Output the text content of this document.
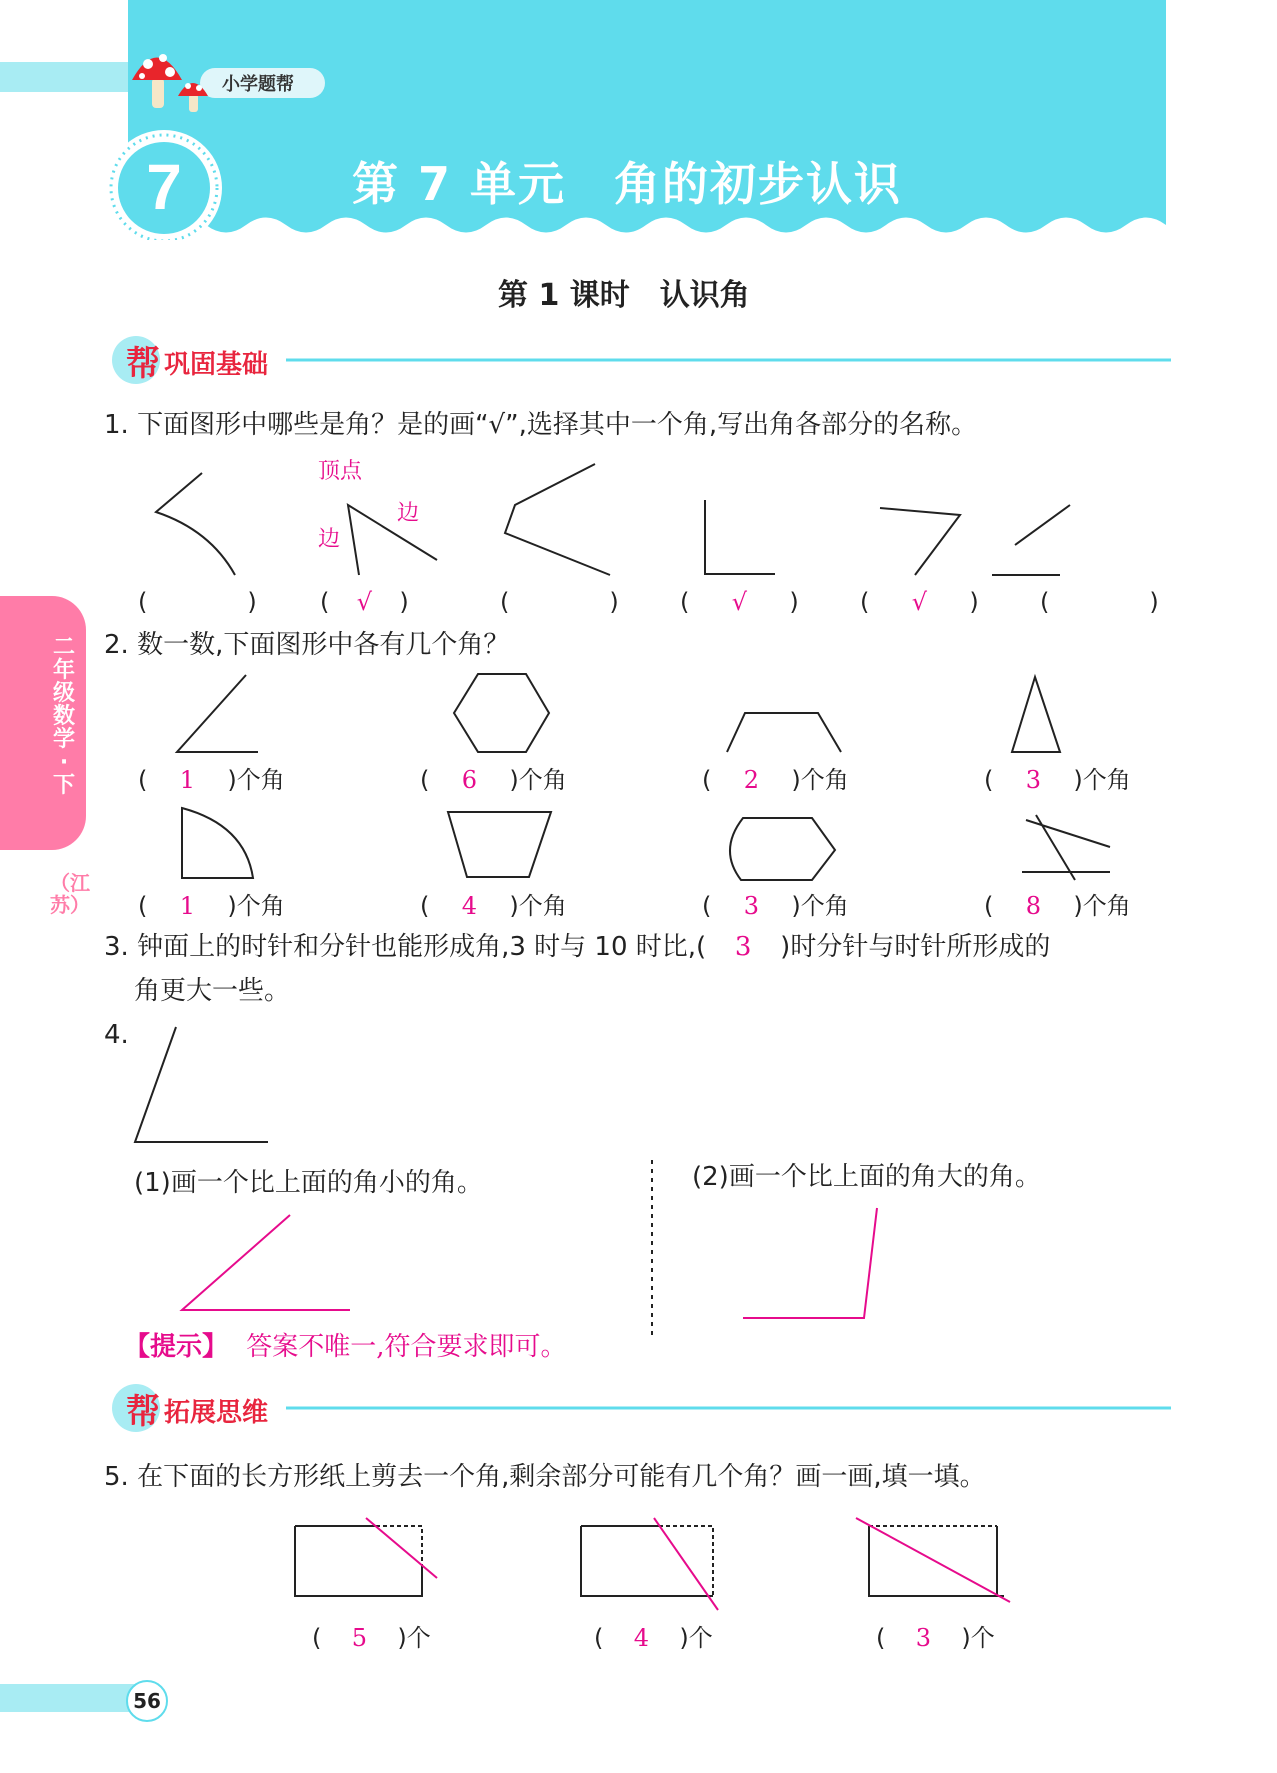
小学题帮
7	第 7 单元　角的初步认识
第 1 课时　认识角
二年级数学·下
（江苏）
帮 巩固基础
1. 下面图形中哪些是角？是的画“√”,选择其中一个角,写出角各部分的名称。
顶点
边
边
(	)	( √ )	(	)	( √ )	( √ )	(	)
2. 数一数,下面图形中各有几个角？
( 1 )个角	( 6 )个角	( 2 )个角	( 3 )个角
( 1 )个角	( 4 )个角	( 3 )个角	( 8 )个角
3. 钟面上的时针和分针也能形成角,3 时与 10 时比,( 3 )时分针与时针所形成的
角更大一些。
4.
(1)画一个比上面的角小的角。	(2)画一个比上面的角大的角。
【提示】 答案不唯一,符合要求即可。
帮 拓展思维
5. 在下面的长方形纸上剪去一个角,剩余部分可能有几个角？画一画,填一填。
( 5 )个	( 4 )个	( 3 )个
56
